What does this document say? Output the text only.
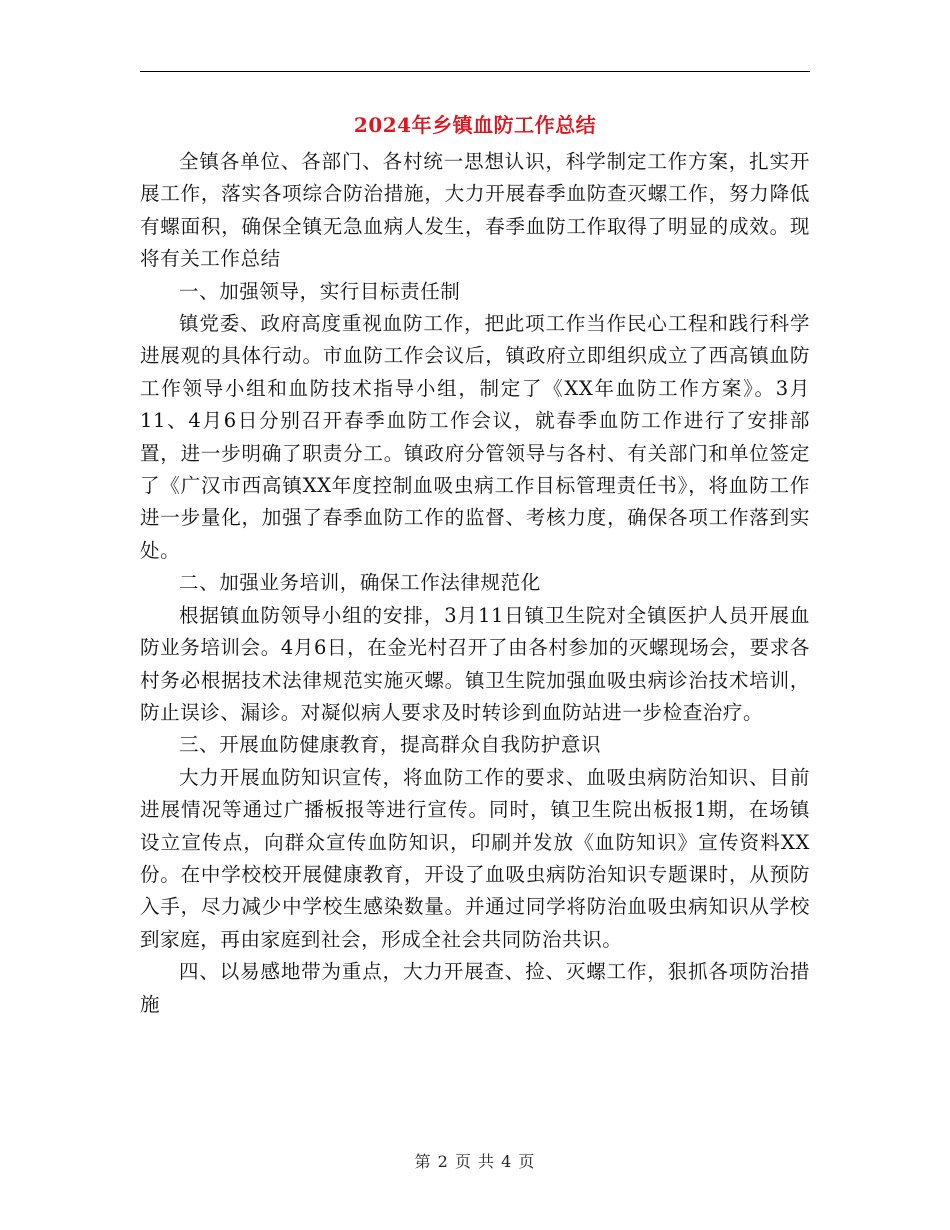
2024年乡镇血防工作总结

全镇各单位、各部门、各村统一思想认识，科学制定工作方案，扎实开展工作，落实各项综合防治措施，大力开展春季血防查灭螺工作，努力降低有螺面积，确保全镇无急血病人发生，春季血防工作取得了明显的成效。现将有关工作总结

一、加强领导，实行目标责任制

镇党委、政府高度重视血防工作，把此项工作当作民心工程和践行科学进展观的具体行动。市血防工作会议后，镇政府立即组织成立了西高镇血防工作领导小组和血防技术指导小组，制定了《XX年血防工作方案》。3月11、4月6日分别召开春季血防工作会议，就春季血防工作进行了安排部置，进一步明确了职责分工。镇政府分管领导与各村、有关部门和单位签定了《广汉市西高镇XX年度控制血吸虫病工作目标管理责任书》，将血防工作进一步量化，加强了春季血防工作的监督、考核力度，确保各项工作落到实处。

二、加强业务培训，确保工作法律规范化

根据镇血防领导小组的安排，3月11日镇卫生院对全镇医护人员开展血防业务培训会。4月6日，在金光村召开了由各村参加的灭螺现场会，要求各村务必根据技术法律规范实施灭螺。镇卫生院加强血吸虫病诊治技术培训，防止误诊、漏诊。对凝似病人要求及时转诊到血防站进一步检查治疗。

三、开展血防健康教育，提高群众自我防护意识

大力开展血防知识宣传，将血防工作的要求、血吸虫病防治知识、目前进展情况等通过广播板报等进行宣传。同时，镇卫生院出板报1期，在场镇设立宣传点，向群众宣传血防知识，印刷并发放《血防知识》宣传资料XX份。在中学校校开展健康教育，开设了血吸虫病防治知识专题课时，从预防入手，尽力减少中学校生感染数量。并通过同学将防治血吸虫病知识从学校到家庭，再由家庭到社会，形成全社会共同防治共识。

四、以易感地带为重点，大力开展查、捡、灭螺工作，狠抓各项防治措施

第 2 页 共 4 页
